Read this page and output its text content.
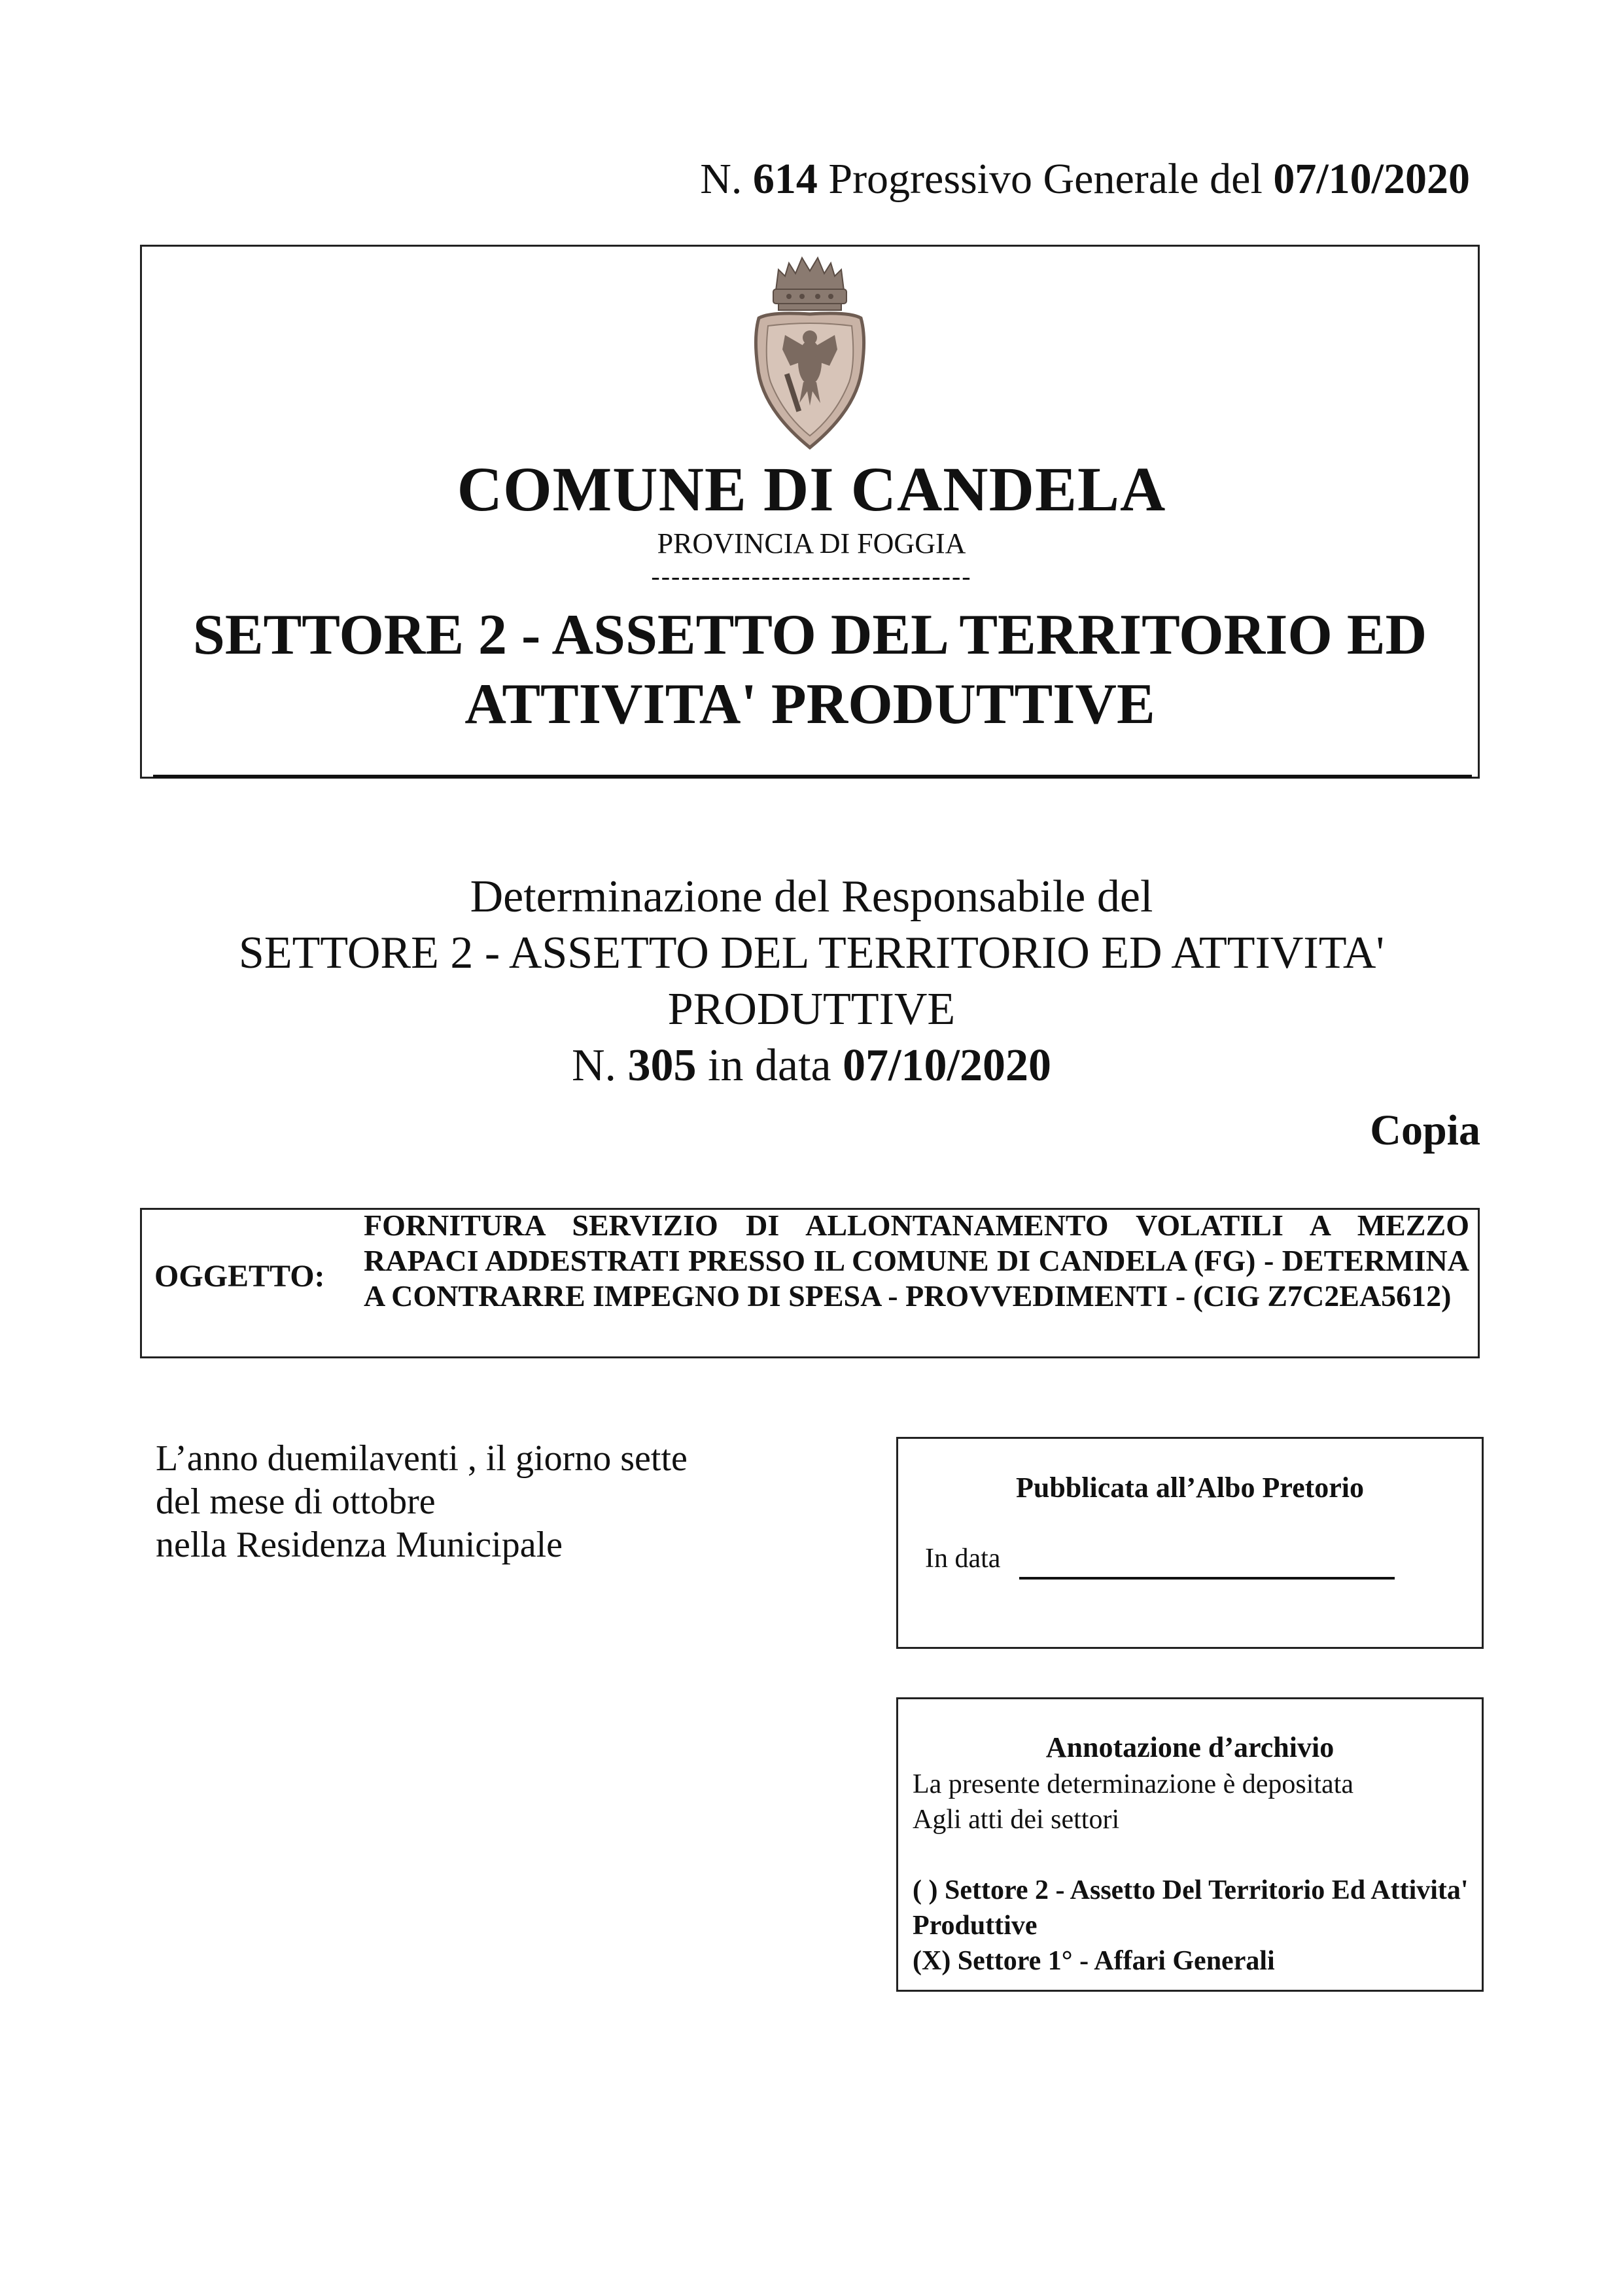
N. 614 Progressivo Generale del 07/10/2020
COMUNE DI CANDELA
PROVINCIA DI FOGGIA
--------------------------------
SETTORE 2 - ASSETTO DEL TERRITORIO ED
ATTIVITA' PRODUTTIVE
Determinazione del Responsabile del
SETTORE 2 - ASSETTO DEL TERRITORIO ED ATTIVITA'
PRODUTTIVE
N. 305 in data 07/10/2020
Copia
OGGETTO:
FORNITURA SERVIZIO DI ALLONTANAMENTO VOLATILI A MEZZO RAPACI ADDESTRATI PRESSO IL COMUNE DI CANDELA (FG) - DETERMINA A CONTRARRE IMPEGNO DI SPESA - PROVVEDIMENTI - (CIG Z7C2EA5612)
L’anno duemilaventi , il giorno sette
del mese di ottobre
nella Residenza Municipale
Pubblicata all’Albo Pretorio
In data
Annotazione d’archivio
La presente determinazione è depositata
Agli atti dei settori
( ) Settore 2 - Assetto Del Territorio Ed Attivita' Produttive
(X) Settore 1° - Affari Generali
